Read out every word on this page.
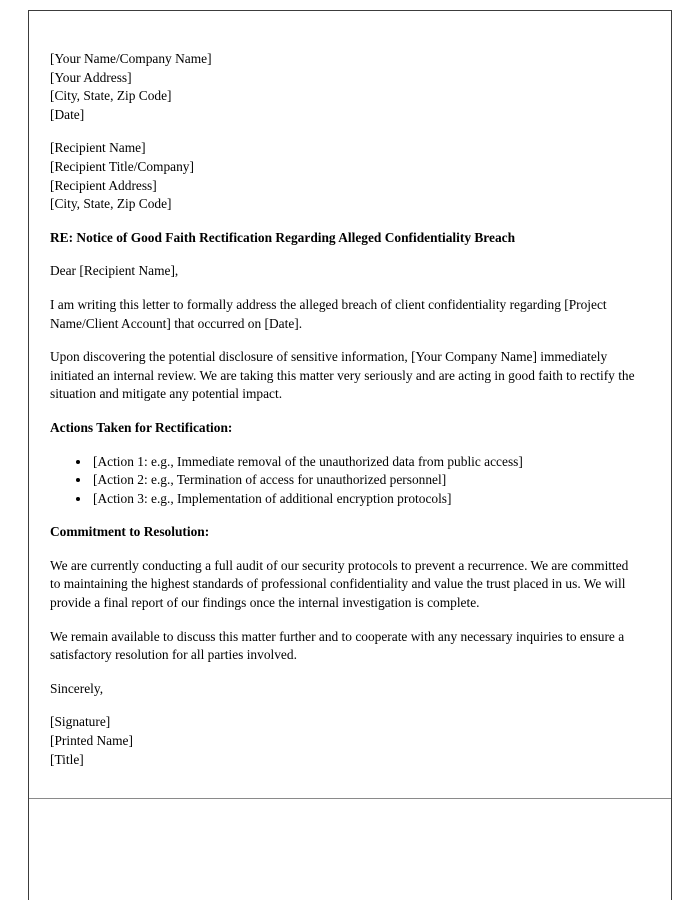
[Your Name/Company Name]
[Your Address]
[City, State, Zip Code]
[Date]
[Recipient Name]
[Recipient Title/Company]
[Recipient Address]
[City, State, Zip Code]
RE: Notice of Good Faith Rectification Regarding Alleged Confidentiality Breach
Dear [Recipient Name],
I am writing this letter to formally address the alleged breach of client confidentiality regarding [Project Name/Client Account] that occurred on [Date].
Upon discovering the potential disclosure of sensitive information, [Your Company Name] immediately initiated an internal review. We are taking this matter very seriously and are acting in good faith to rectify the situation and mitigate any potential impact.
Actions Taken for Rectification:
• [Action 1: e.g., Immediate removal of the unauthorized data from public access]
• [Action 2: e.g., Termination of access for unauthorized personnel]
• [Action 3: e.g., Implementation of additional encryption protocols]
Commitment to Resolution:
We are currently conducting a full audit of our security protocols to prevent a recurrence. We are committed to maintaining the highest standards of professional confidentiality and value the trust placed in us. We will provide a final report of our findings once the internal investigation is complete.
We remain available to discuss this matter further and to cooperate with any necessary inquiries to ensure a satisfactory resolution for all parties involved.
Sincerely,
[Signature]
[Printed Name]
[Title]
